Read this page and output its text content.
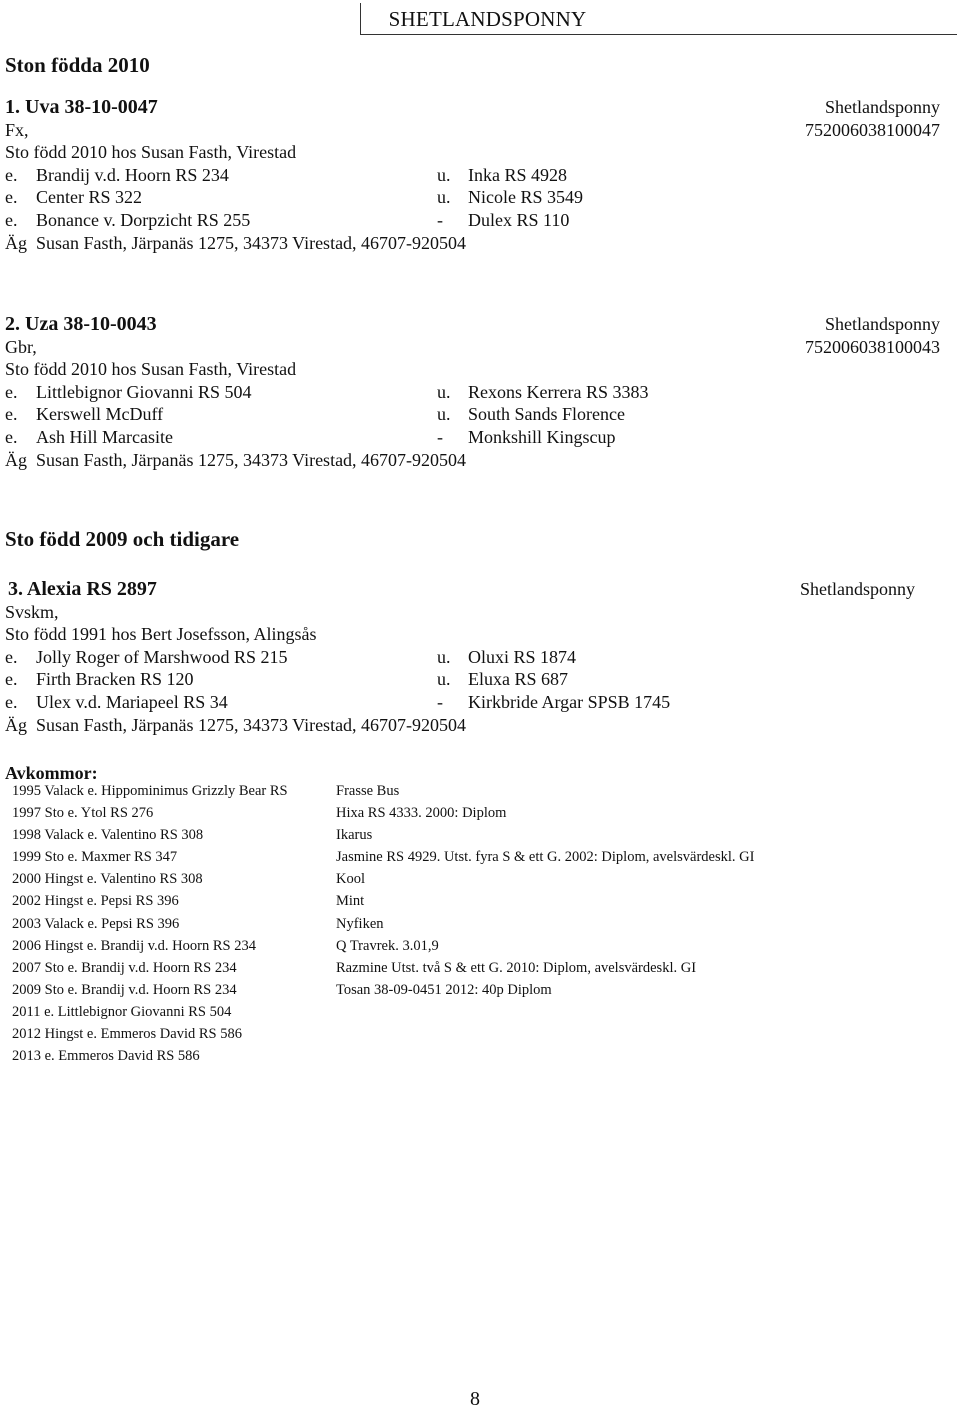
SHETLANDSPONNY
Ston födda 2010
1. Uva 38-10-0047	Shetlandsponny
Fx,	752006038100047
Sto född 2010 hos Susan Fasth, Virestad
e. Brandij v.d. Hoorn RS 234	u. Inka RS 4928
e. Center RS 322	u. Nicole RS 3549
e. Bonance v. Dorpzicht RS 255	- Dulex RS 110
Äg Susan Fasth, Järpanäs 1275, 34373 Virestad, 46707-920504
2. Uza 38-10-0043	Shetlandsponny
Gbr,	752006038100043
Sto född 2010 hos Susan Fasth, Virestad
e. Littlebignor Giovanni RS 504	u. Rexons Kerrera RS 3383
e. Kerswell McDuff	u. South Sands Florence
e. Ash Hill Marcasite	- Monkshill Kingscup
Äg Susan Fasth, Järpanäs 1275, 34373 Virestad, 46707-920504
Sto född 2009 och tidigare
3. Alexia RS 2897	Shetlandsponny
Svskm,
Sto född 1991 hos Bert Josefsson, Alingsås
e. Jolly Roger of Marshwood RS 215	u. Oluxi RS 1874
e. Firth Bracken RS 120	u. Eluxa RS 687
e. Ulex v.d. Mariapeel RS 34	- Kirkbride Argar SPSB 1745
Äg Susan Fasth, Järpanäs 1275, 34373 Virestad, 46707-920504
Avkommor:
1995 Valack e. Hippominimus Grizzly Bear RS	Frasse Bus
1997 Sto e. Ytol RS 276	Hixa RS 4333. 2000: Diplom
1998 Valack e. Valentino RS 308	Ikarus
1999 Sto e. Maxmer RS 347	Jasmine RS 4929. Utst. fyra S & ett G. 2002: Diplom, avelsvärdeskl. GI
2000 Hingst e. Valentino RS 308	Kool
2002 Hingst e. Pepsi RS 396	Mint
2003 Valack e. Pepsi RS 396	Nyfiken
2006 Hingst e. Brandij v.d. Hoorn RS 234	Q Travrek. 3.01,9
2007 Sto e. Brandij v.d. Hoorn RS 234	Razmine Utst. två S & ett G. 2010: Diplom, avelsvärdeskl. GI
2009 Sto e. Brandij v.d. Hoorn RS 234	Tosan 38-09-0451 2012: 40p Diplom
2011 e. Littlebignor Giovanni RS 504
2012 Hingst e. Emmeros David RS 586
2013 e. Emmeros David RS 586
8
